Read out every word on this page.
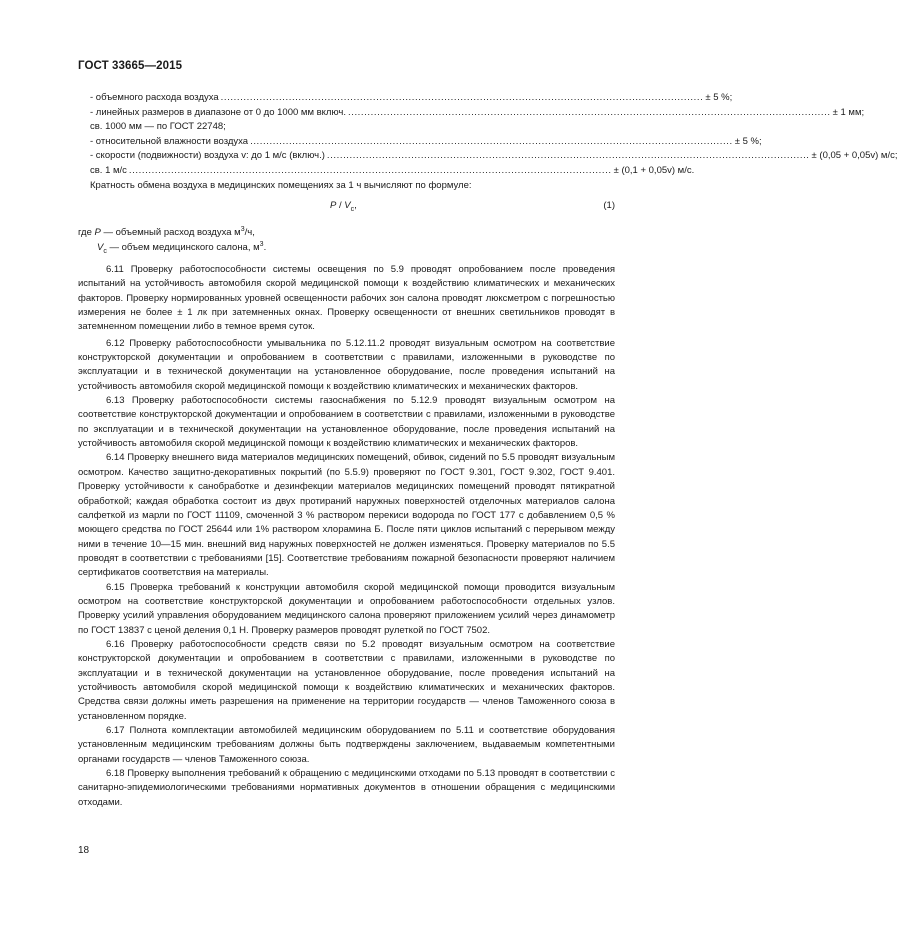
ГОСТ 33665—2015
- объемного расхода воздуха ..................................................................................................................................................... ± 5 %;
- линейных размеров в диапазоне от 0 до 1000 мм включ. ..................................................................................................................................................... ± 1 мм;
св. 1000 мм — по ГОСТ 22748;
- относительной влажности воздуха ..................................................................................................................................................... ± 5 %;
- скорости (подвижности) воздуха v: до 1 м/с (включ.) ..................................................................................................................................................... ± (0,05 + 0,05v) м/с;
св. 1 м/с ..................................................................................................................................................... ± (0,1 + 0,05v) м/с.
Кратность обмена воздуха в медицинских помещениях за 1 ч вычисляют по формуле:
P / $V_c$,	(1)
где P — объемный расход воздуха $м^3/ч$,
$V_c$ — объем медицинского салона, $м^3$.

6.11 Проверку работоспособности системы освещения по 5.9 проводят опробованием после проведения испытаний на устойчивость автомобиля скорой медицинской помощи к воздействию климатических и механических факторов. Проверку нормированных уровней освещенности рабочих зон салона проводят люксметром с погрешностью измерения не более ± 1 лк при затемненных окнах. Проверку освещенности от внешних светильников проводят в затемненном помещении либо в темное время суток.

6.12 Проверку работоспособности умывальника по 5.12.11.2 проводят визуальным осмотром на соответствие конструкторской документации и опробованием в соответствии с правилами, изложенными в руководстве по эксплуатации и в технической документации на установленное оборудование, после проведения испытаний на устойчивость автомобиля скорой медицинской помощи к воздействию климатических и механических факторов.

6.13 Проверку работоспособности системы газоснабжения по 5.12.9 проводят визуальным осмотром на соответствие конструкторской документации и опробованием в соответствии с правилами, изложенными в руководстве по эксплуатации и в технической документации на установленное оборудование, после проведения испытаний на устойчивость автомобиля скорой медицинской помощи к воздействию климатических и механических факторов.

6.14 Проверку внешнего вида материалов медицинских помещений, обивок, сидений по 5.5 проводят визуальным осмотром. Качество защитно-декоративных покрытий (по 5.5.9) проверяют по ГОСТ 9.301, ГОСТ 9.302, ГОСТ 9.401. Проверку устойчивости к санобработке и дезинфекции материалов медицинских помещений проводят пятикратной обработкой; каждая обработка состоит из двух протираний наружных поверхностей отделочных материалов салона салфеткой из марли по ГОСТ 11109, смоченной 3 % раствором перекиси водорода по ГОСТ 177 с добавлением 0,5 % моющего средства по ГОСТ 25644 или 1% раствором хлорамина Б. После пяти циклов испытаний с перерывом между ними в течение 10—15 мин. внешний вид наружных поверхностей не должен изменяться. Проверку материалов по 5.5 проводят в соответствии с требованиями [15]. Соответствие требованиям пожарной безопасности проверяют наличием сертификатов соответствия на материалы.

6.15 Проверка требований к конструкции автомобиля скорой медицинской помощи проводится визуальным осмотром на соответствие конструкторской документации и опробованием работоспособности отдельных узлов. Проверку усилий управления оборудованием медицинского салона проверяют приложением усилий через динамометр по ГОСТ 13837 с ценой деления 0,1 Н. Проверку размеров проводят рулеткой по ГОСТ 7502.

6.16 Проверку работоспособности средств связи по 5.2 проводят визуальным осмотром на соответствие конструкторской документации и опробованием в соответствии с правилами, изложенными в руководстве по эксплуатации и в технической документации на установленное оборудование, после проведения испытаний на устойчивость автомобиля скорой медицинской помощи к воздействию климатических и механических факторов. Средства связи должны иметь разрешения на применение на территории государств — членов Таможенного союза в установленном порядке.

6.17 Полнота комплектации автомобилей медицинским оборудованием по 5.11 и соответствие оборудования установленным медицинским требованиям должны быть подтверждены заключением, выдаваемым компетентными органами государств — членов Таможенного союза.

6.18 Проверку выполнения требований к обращению с медицинскими отходами по 5.13 проводят в соответствии с санитарно-эпидемиологическими требованиями нормативных документов в отношении обращения с медицинскими отходами.

18
